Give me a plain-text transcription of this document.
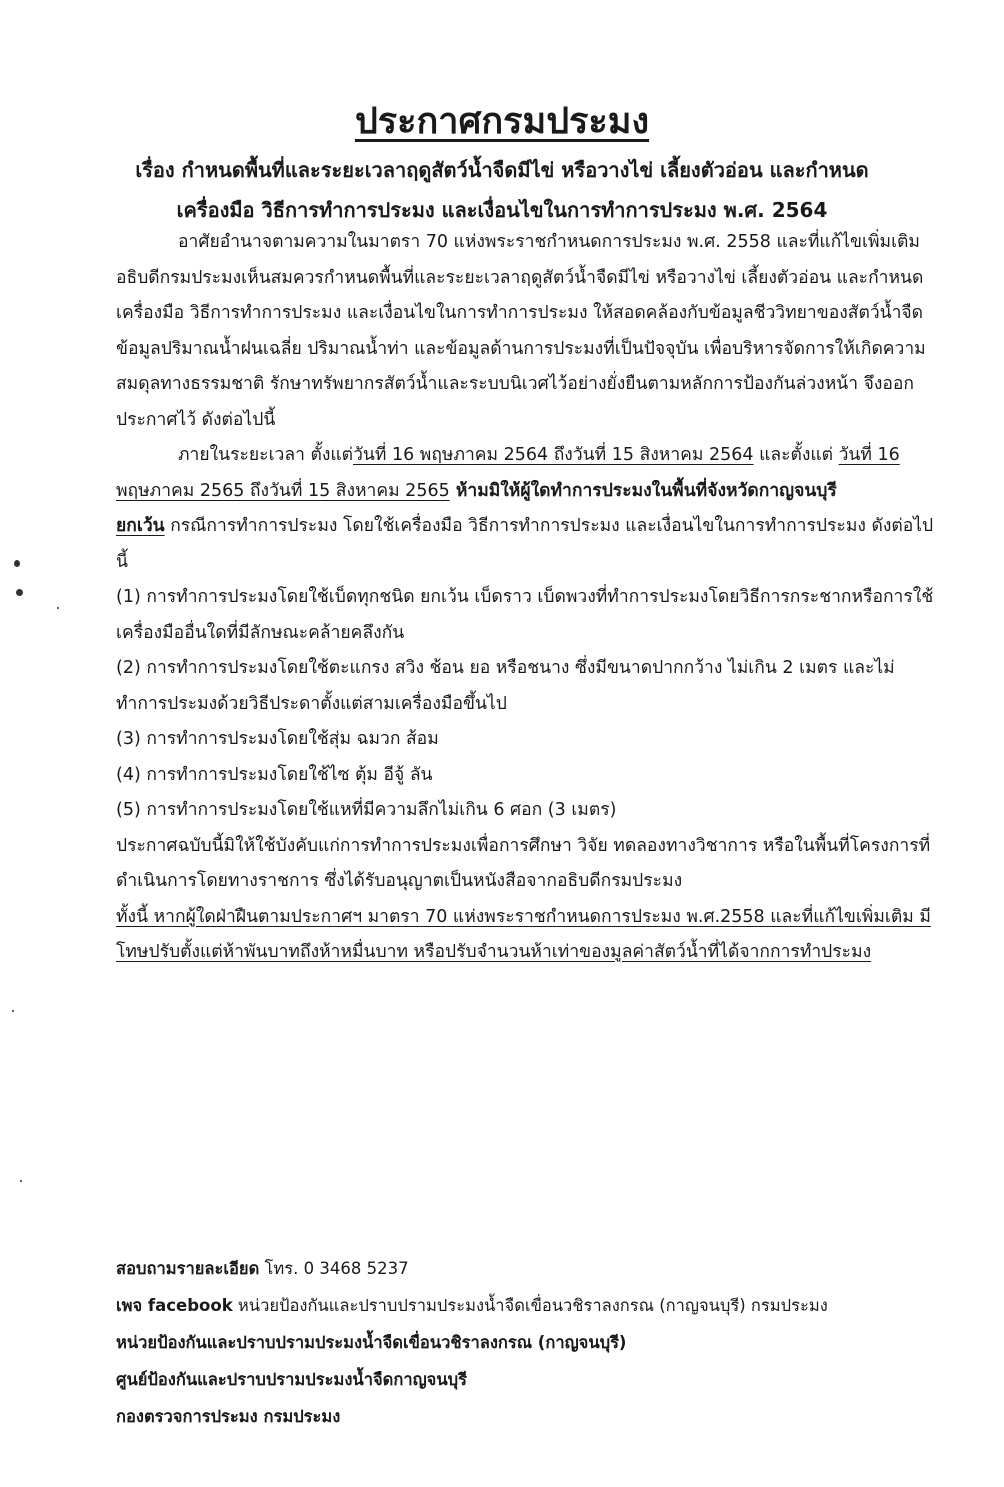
ประกาศกรมประมง
เรื่อง กำหนดพื้นที่และระยะเวลาฤดูสัตว์น้ำจืดมีไข่ หรือวางไข่ เลี้ยงตัวอ่อน และกำหนด
เครื่องมือ วิธีการทำการประมง และเงื่อนไขในการทำการประมง พ.ศ. 2564

อาศัยอำนาจตามความในมาตรา 70 แห่งพระราชกำหนดการประมง พ.ศ. 2558 และที่แก้ไขเพิ่มเติม อธิบดีกรมประมงเห็นสมควรกำหนดพื้นที่และระยะเวลาฤดูสัตว์น้ำจืดมีไข่ หรือวางไข่ เลี้ยงตัวอ่อน และกำหนดเครื่องมือ วิธีการทำการประมง และเงื่อนไขในการทำการประมง ให้สอดคล้องกับข้อมูลชีววิทยาของสัตว์น้ำจืด ข้อมูลปริมาณน้ำฝนเฉลี่ย ปริมาณน้ำท่า และข้อมูลด้านการประมงที่เป็นปัจจุบัน เพื่อบริหารจัดการให้เกิดความสมดุลทางธรรมชาติ รักษาทรัพยากรสัตว์น้ำและระบบนิเวศไว้อย่างยั่งยืนตามหลักการป้องกันล่วงหน้า จึงออกประกาศไว้ ดังต่อไปนี้

ภายในระยะเวลา ตั้งแต่วันที่ 16 พฤษภาคม 2564 ถึงวันที่ 15 สิงหาคม 2564 และตั้งแต่ วันที่ 16 พฤษภาคม 2565 ถึงวันที่ 15 สิงหาคม 2565 ห้ามมิให้ผู้ใดทำการประมงในพื้นที่จังหวัดกาญจนบุรี

ยกเว้น กรณีการทำการประมง โดยใช้เครื่องมือ วิธีการทำการประมง และเงื่อนไขในการทำการประมง ดังต่อไปนี้

(1) การทำการประมงโดยใช้เบ็ดทุกชนิด ยกเว้น เบ็ดราว เบ็ดพวงที่ทำการประมงโดยวิธีการกระชากหรือการใช้เครื่องมืออื่นใดที่มีลักษณะคล้ายคลึงกัน

(2) การทำการประมงโดยใช้ตะแกรง สวิง ช้อน ยอ หรือชนาง ซึ่งมีขนาดปากกว้าง ไม่เกิน 2 เมตร และไม่ทำการประมงด้วยวิธีประดาตั้งแต่สามเครื่องมือขึ้นไป

(3) การทำการประมงโดยใช้สุ่ม ฉมวก ส้อม

(4) การทำการประมงโดยใช้ไซ ตุ้ม อีจู้ ลัน

(5) การทำการประมงโดยใช้แหที่มีความลึกไม่เกิน 6 ศอก (3 เมตร)

ประกาศฉบับนี้มิให้ใช้บังคับแก่การทำการประมงเพื่อการศึกษา วิจัย ทดลองทางวิชาการ หรือในพื้นที่โครงการที่ดำเนินการโดยทางราชการ ซึ่งได้รับอนุญาตเป็นหนังสือจากอธิบดีกรมประมง

ทั้งนี้ หากผู้ใดฝ่าฝืนตามประกาศฯ มาตรา 70 แห่งพระราชกำหนดการประมง พ.ศ.2558 และที่แก้ไขเพิ่มเติม มีโทษปรับตั้งแต่ห้าพันบาทถึงห้าหมื่นบาท หรือปรับจำนวนห้าเท่าของมูลค่าสัตว์น้ำที่ได้จากการทำประมง

สอบถามรายละเอียด โทร. 0 3468 5237

เพจ facebook หน่วยป้องกันและปราบปรามประมงน้ำจืดเขื่อนวชิราลงกรณ (กาญจนบุรี) กรมประมง

หน่วยป้องกันและปราบปรามประมงน้ำจืดเขื่อนวชิราลงกรณ (กาญจนบุรี)

ศูนย์ป้องกันและปราบปรามประมงน้ำจืดกาญจนบุรี

กองตรวจการประมง กรมประมง
